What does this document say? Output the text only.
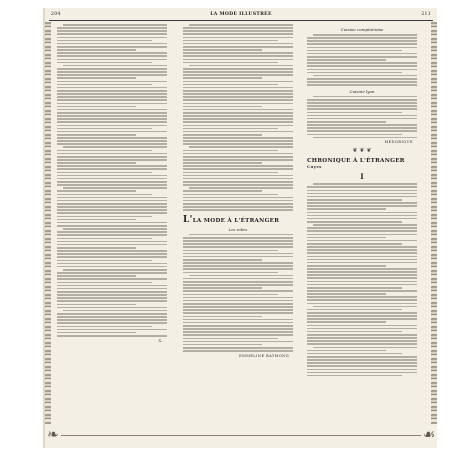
204	LA MODE ILLUSTRÉE	211
X.
L'LA MODE À L'ÉTRANGER
Les robes
EMMELINE RAYMOND
Cuisine comptoiraise
Cuisine lyon
MÉDORIQUE
❦ ❦ ❦
CHRONIQUE À L'ÉTRANGER Cuyes
I
❧	☙
